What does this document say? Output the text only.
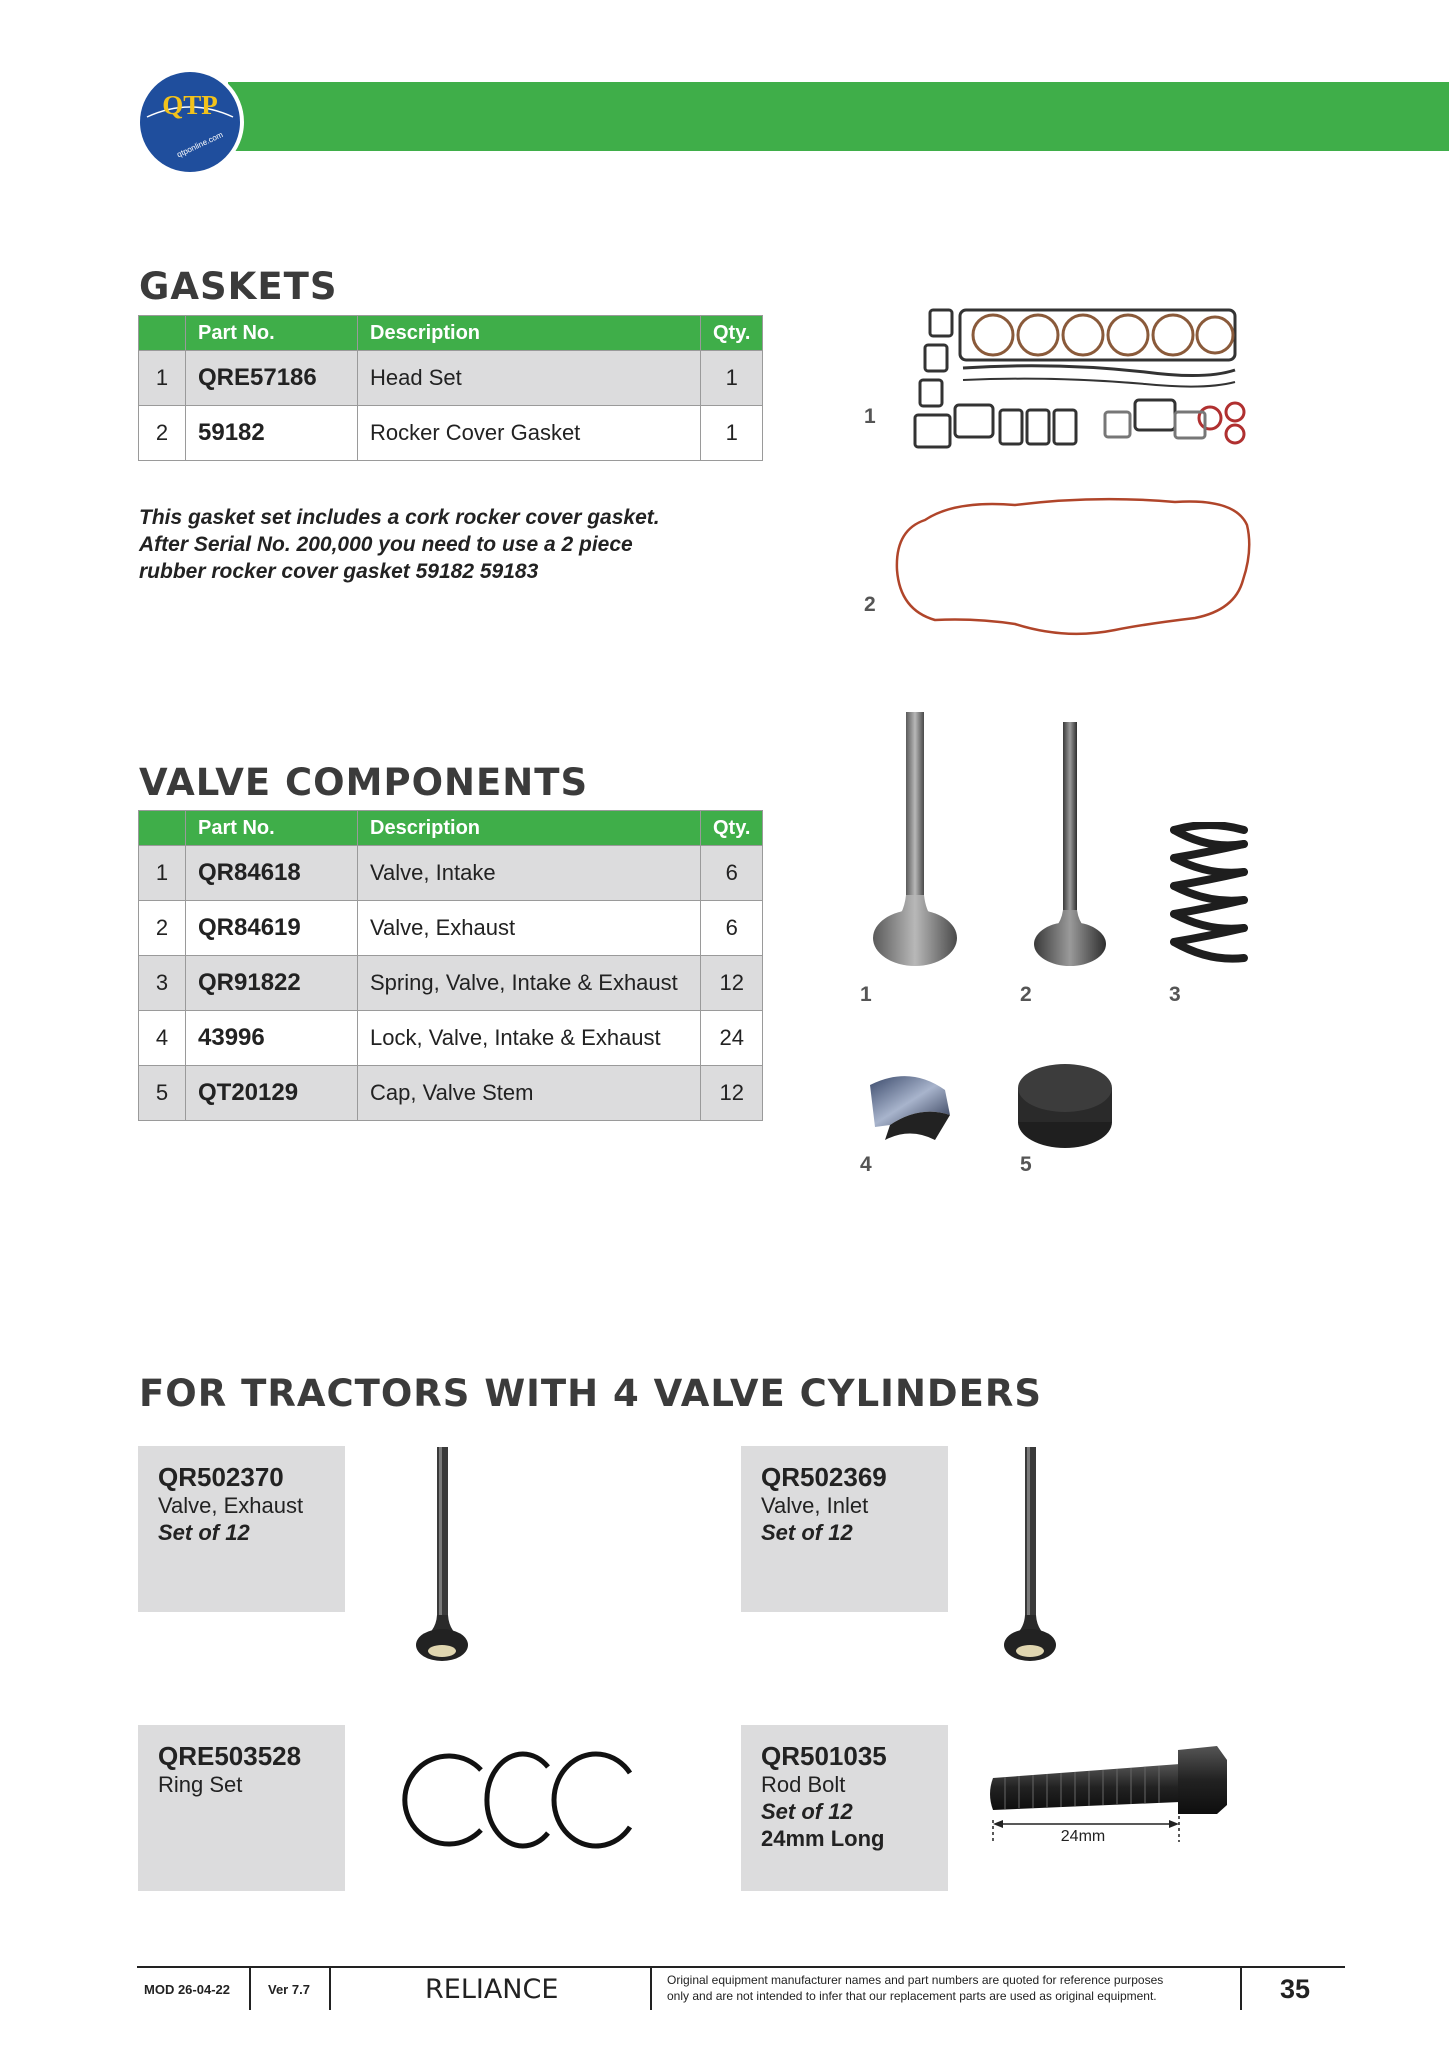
QTP
qtponline.com
GASKETS
	Part No.	Description	Qty.
1	QRE57186	Head Set	1
2	59182	Rocker Cover Gasket	1
This gasket set includes a cork rocker cover gasket.
After Serial No. 200,000 you need to use a 2 piece
rubber rocker cover gasket 59182 59183
1
2
VALVE COMPONENTS
	Part No.	Description	Qty.
1	QR84618	Valve, Intake	6
2	QR84619	Valve, Exhaust	6
3	QR91822	Spring, Valve, Intake & Exhaust	12
4	43996	Lock, Valve, Intake & Exhaust	24
5	QT20129	Cap, Valve Stem	12
1	2	3
4	5
FOR TRACTORS WITH 4 VALVE CYLINDERS
QR502370
Valve, Exhaust
Set of 12
QR502369
Valve, Inlet
Set of 12
QRE503528
Ring Set
QR501035
Rod Bolt
Set of 12
24mm Long	24mm
MOD 26-04-22	Ver 7.7	RELIANCE	Original equipment manufacturer names and part numbers are quoted for reference purposes
only and are not intended to infer that our replacement parts are used as original equipment.	35
